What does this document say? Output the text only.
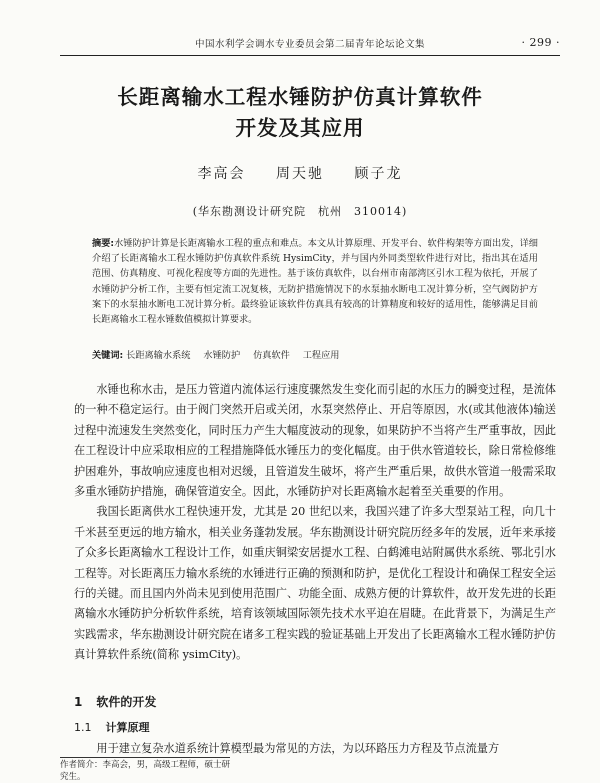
中国水利学会调水专业委员会第二届青年论坛论文集	· 299 ·
长距离输水工程水锤防护仿真计算软件
开发及其应用
李高会 周天驰 顾子龙
(华东勘测设计研究院　杭州　310014)
摘要:水锤防护计算是长距离输水工程的重点和难点。本文从计算原理、开发平台、软件构架等方面出发，详细介绍了长距离输水工程水锤防护仿真软件系统 HysimCity，并与国内外同类型软件进行对比，指出其在适用范围、仿真精度、可视化程度等方面的先进性。基于该仿真软件，以台州市南部湾区引水工程为依托，开展了水锤防护分析工作，主要有恒定流工况复核，无防护措施情况下的水泵抽水断电工况计算分析，空气阀防护方案下的水泵抽水断电工况计算分析。最终验证该软件仿真具有较高的计算精度和较好的适用性，能够满足目前长距离输水工程水锤数值模拟计算要求。
关键词: 长距离输水系统 水锤防护 仿真软件 工程应用

水锤也称水击，是压力管道内流体运行速度骤然发生变化而引起的水压力的瞬变过程，是流体的一种不稳定运行。由于阀门突然开启或关闭，水泵突然停止、开启等原因，水(或其他液体)输送过程中流速发生突然变化，同时压力产生大幅度波动的现象，如果防护不当将产生严重事故，因此在工程设计中应采取相应的工程措施降低水锤压力的变化幅度。由于供水管道较长，除日常检修维护困难外，事故响应速度也相对迟缓，且管道发生破坏，将产生严重后果，故供水管道一般需采取多重水锤防护措施，确保管道安全。因此，水锤防护对长距离输水起着至关重要的作用。

我国长距离供水工程快速开发，尤其是 20 世纪以来，我国兴建了许多大型泵站工程，向几十千米甚至更远的地方输水，相关业务蓬勃发展。华东勘测设计研究院历经多年的发展，近年来承接了众多长距离输水工程设计工作，如重庆铜梁安居提水工程、白鹤滩电站附属供水系统、鄂北引水工程等。对长距离压力输水系统的水锤进行正确的预测和防护，是优化工程设计和确保工程安全运行的关键。而且国内外尚未见到使用范围广、功能全面、成熟方便的计算软件，故开发先进的长距离输水水锤防护分析软件系统，培育该领域国际领先技术水平迫在眉睫。在此背景下，为满足生产实践需求，华东勘测设计研究院在诸多工程实践的验证基础上开发出了长距离输水工程水锤防护仿真计算软件系统(简称 ysimCity)。

1 软件的开发
1.1 计算原理
用于建立复杂水道系统计算模型最为常见的方法，为以环路压力方程及节点流量方
作者简介：李高会，男，高级工程师，硕士研究生。
